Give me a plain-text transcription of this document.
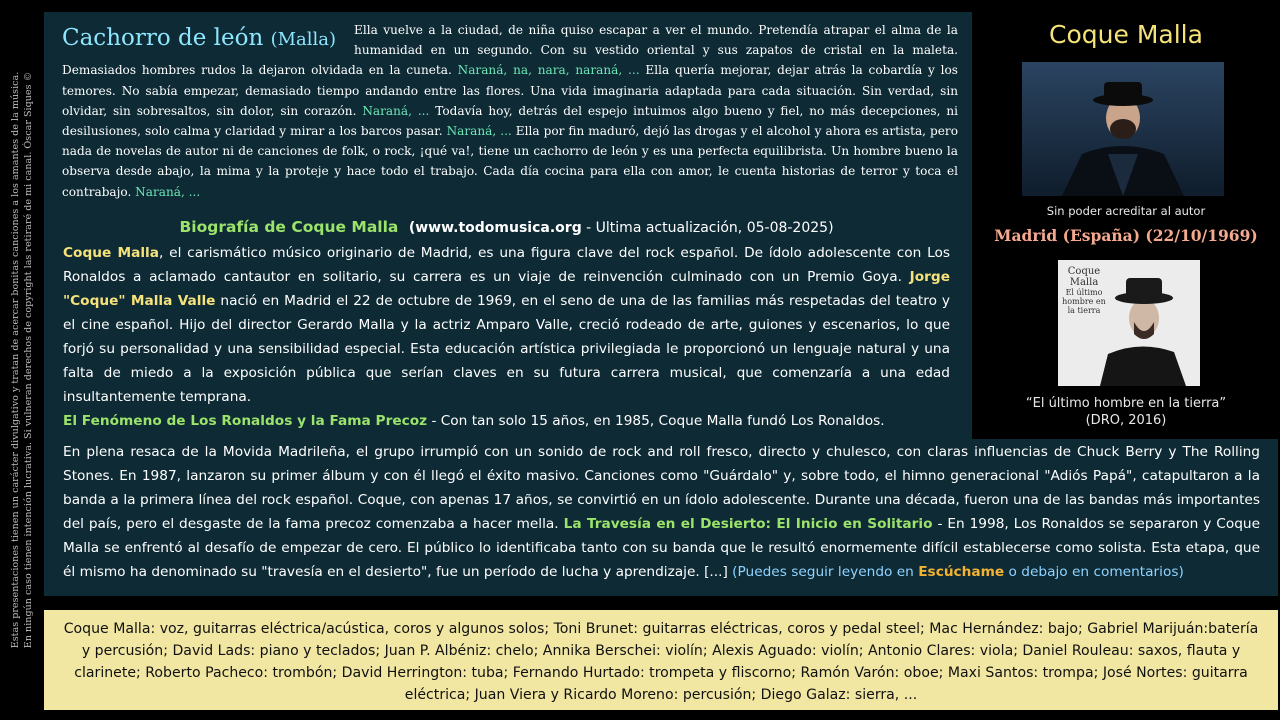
Estas presentaciones tienen un carácter divulgativo y tratan de acercar bonitas canciones a los amantes de la música. En ningún caso tienen intención lucrativa. Si vulneran derechos de copyright las retiraré de mi canal. Óscar Siques ©
Cachorro de león (Malla)	Ella vuelve a la ciudad, de niña quiso escapar a ver el mundo. Pretendía atrapar el alma de la humanidad en un segundo. Con su vestido oriental y sus zapatos de cristal en la maleta. Demasiados hombres rudos la dejaron olvidada en la cuneta. Naraná, na, nara, naraná, ... Ella quería mejorar, dejar atrás la cobardía y los temores. No sabía empezar, demasiado tiempo andando entre las flores. Una vida imaginaria adaptada para cada situación. Sin verdad, sin olvidar, sin sobresaltos, sin dolor, sin corazón. Naraná, ... Todavía hoy, detrás del espejo intuimos algo bueno y fiel, no más decepciones, ni desilusiones, solo calma y claridad y mirar a los barcos pasar. Naraná, ... Ella por fin maduró, dejó las drogas y el alcohol y ahora es artista, pero nada de novelas de autor ni de canciones de folk, o rock, ¡qué va!, tiene un cachorro de león y es una perfecta equilibrista. Un hombre bueno la observa desde abajo, la mima y la proteje y hace todo el trabajo. Cada día cocina para ella con amor, le cuenta historias de terror y toca el contrabajo. Naraná, ...
Biografía de Coque Malla (www.todomusica.org - Ultima actualización, 05-08-2025)
Coque Malla, el carismático músico originario de Madrid, es una figura clave del rock español. De ídolo adolescente con Los Ronaldos a aclamado cantautor en solitario, su carrera es un viaje de reinvención culminado con un Premio Goya. Jorge "Coque" Malla Valle nació en Madrid el 22 de octubre de 1969, en el seno de una de las familias más respetadas del teatro y el cine español. Hijo del director Gerardo Malla y la actriz Amparo Valle, creció rodeado de arte, guiones y escenarios, lo que forjó su personalidad y una sensibilidad especial. Esta educación artística privilegiada le proporcionó un lenguaje natural y una falta de miedo a la exposición pública que serían claves en su futura carrera musical, que comenzaría a una edad insultantemente temprana.
El Fenómeno de Los Ronaldos y la Fama Precoz - Con tan solo 15 años, en 1985, Coque Malla fundó Los Ronaldos.
En plena resaca de la Movida Madrileña, el grupo irrumpió con un sonido de rock and roll fresco, directo y chulesco, con claras influencias de Chuck Berry y The Rolling Stones. En 1987, lanzaron su primer álbum y con él llegó el éxito masivo. Canciones como "Guárdalo" y, sobre todo, el himno generacional "Adiós Papá", catapultaron a la banda a la primera línea del rock español. Coque, con apenas 17 años, se convirtió en un ídolo adolescente. Durante una década, fueron una de las bandas más importantes del país, pero el desgaste de la fama precoz comenzaba a hacer mella. La Travesía en el Desierto: El Inicio en Solitario - En 1998, Los Ronaldos se separaron y Coque Malla se enfrentó al desafío de empezar de cero. El público lo identificaba tanto con su banda que le resultó enormemente difícil establecerse como solista. Esta etapa, que él mismo ha denominado su "travesía en el desierto", fue un período de lucha y aprendizaje. [...] (Puedes seguir leyendo en Escúchame o debajo en comentarios)
Coque Malla
Sin poder acreditar al autor
Madrid (España) (22/10/1969)
Coque Malla
El último hombre en la tierra
“El último hombre en la tierra”
(DRO, 2016)
Coque Malla: voz, guitarras eléctrica/acústica, coros y algunos solos; Toni Brunet: guitarras eléctricas, coros y pedal steel; Mac Hernández: bajo; Gabriel Marijuán:batería y percusión; David Lads: piano y teclados; Juan P. Albéniz: chelo; Annika Berschei: violín; Alexis Aguado: violín; Antonio Clares: viola; Daniel Rouleau: saxos, flauta y clarinete; Roberto Pacheco: trombón; David Herrington: tuba; Fernando Hurtado: trompeta y fliscorno; Ramón Varón: oboe; Maxi Santos: trompa; José Nortes: guitarra eléctrica; Juan Viera y Ricardo Moreno: percusión; Diego Galaz: sierra, ...
